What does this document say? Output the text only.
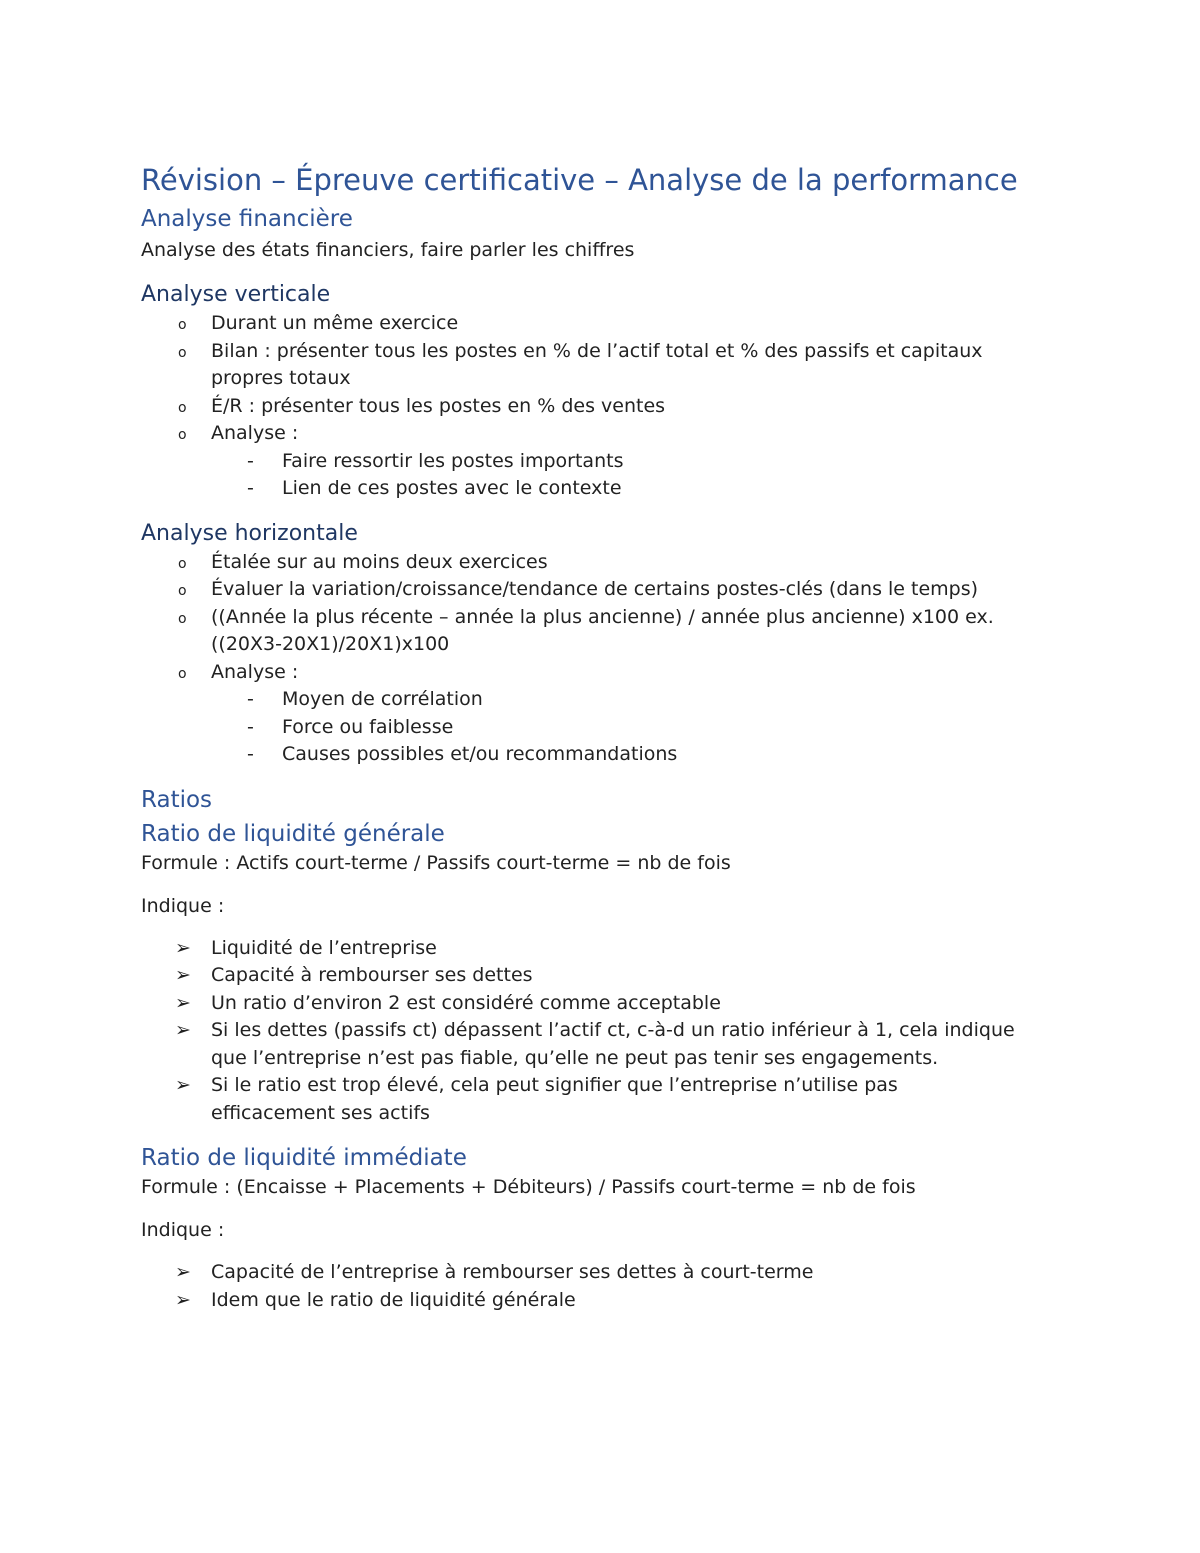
Révision – Épreuve certificative – Analyse de la performance
Analyse financière

Analyse des états financiers, faire parler les chiffres

Analyse verticale
o	Durant un même exercice
o	Bilan : présenter tous les postes en % de l’actif total et % des passifs et capitaux propres totaux
o	É/R : présenter tous les postes en % des ventes
o	Analyse :
-	Faire ressortir les postes importants
-	Lien de ces postes avec le contexte
Analyse horizontale
o	Étalée sur au moins deux exercices
o	Évaluer la variation/croissance/tendance de certains postes-clés (dans le temps)
o	((Année la plus récente – année la plus ancienne) / année plus ancienne) x100 ex. ((20X3-20X1)/20X1)x100
o	Analyse :
-	Moyen de corrélation
-	Force ou faiblesse
-	Causes possibles et/ou recommandations
Ratios
Ratio de liquidité générale

Formule : Actifs court-terme / Passifs court-terme = nb de fois

Indique :

➢	Liquidité de l’entreprise
➢	Capacité à rembourser ses dettes
➢	Un ratio d’environ 2 est considéré comme acceptable
➢	Si les dettes (passifs ct) dépassent l’actif ct, c-à-d un ratio inférieur à 1, cela indique que l’entreprise n’est pas fiable, qu’elle ne peut pas tenir ses engagements.
➢	Si le ratio est trop élevé, cela peut signifier que l’entreprise n’utilise pas efficacement ses actifs
Ratio de liquidité immédiate

Formule : (Encaisse + Placements + Débiteurs) / Passifs court-terme = nb de fois

Indique :

➢	Capacité de l’entreprise à rembourser ses dettes à court-terme
➢	Idem que le ratio de liquidité générale
